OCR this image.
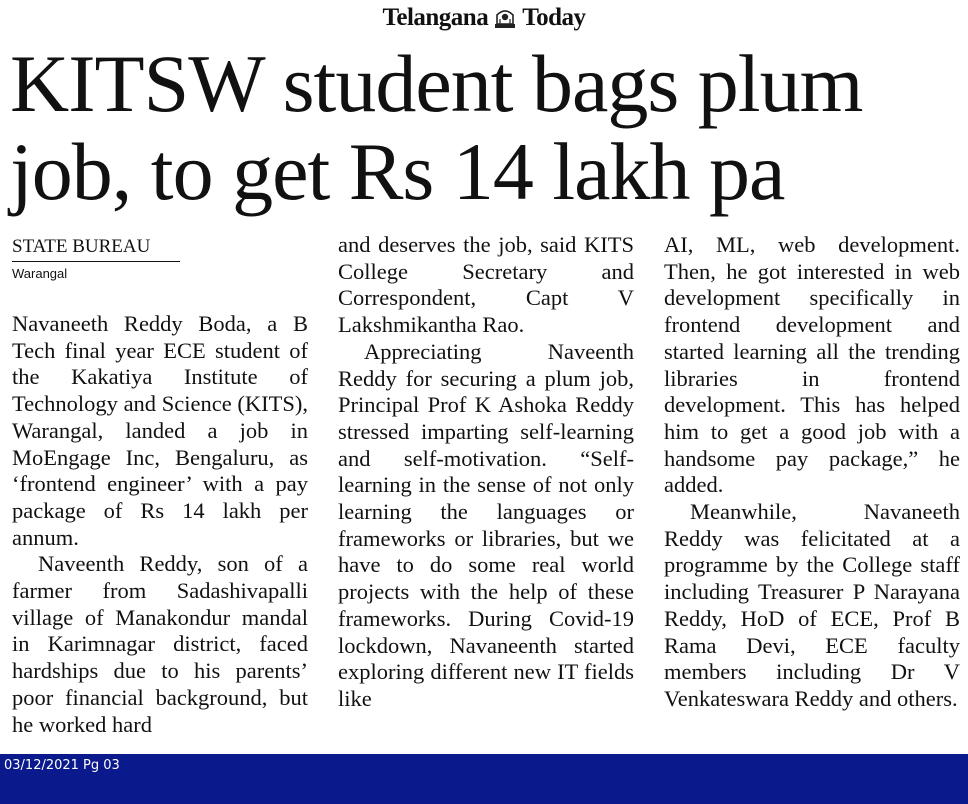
Telangana Today
KITSW student bags plum
job, to get Rs 14 lakh pa
STATE BUREAU
Warangal

Navaneeth Reddy Boda, a B Tech final year ECE student of the Kakatiya Institute of Technology and Science (KITS), Warangal, landed a job in MoEngage Inc, Bengaluru, as ‘frontend engineer’ with a pay package of Rs 14 lakh per annum.

Naveenth Reddy, son of a farmer from Sadashivapalli village of Manakondur mandal in Karimnagar district, faced hardships due to his parents’ poor financial background, but he worked hard

and deserves the job, said KITS College Secretary and Correspondent, Capt V Lakshmikantha Rao.

Appreciating Naveenth Reddy for securing a plum job, Principal Prof K Ashoka Reddy stressed imparting self-learning and self-motivation. “Self-learning in the sense of not only learning the languages or frameworks or libraries, but we have to do some real world projects with the help of these frameworks. During Covid-19 lockdown, Navaneenth started exploring different new IT fields like

AI, ML, web development. Then, he got interested in web development specifically in frontend development and started learning all the trending libraries in frontend development. This has helped him to get a good job with a handsome pay package,” he added.

Meanwhile, Navaneeth Reddy was felicitated at a programme by the College staff including Treasurer P Narayana Reddy, HoD of ECE, Prof B Rama Devi, ECE faculty members including Dr V Venkateswara Reddy and others.

03/12/2021 Pg 03
